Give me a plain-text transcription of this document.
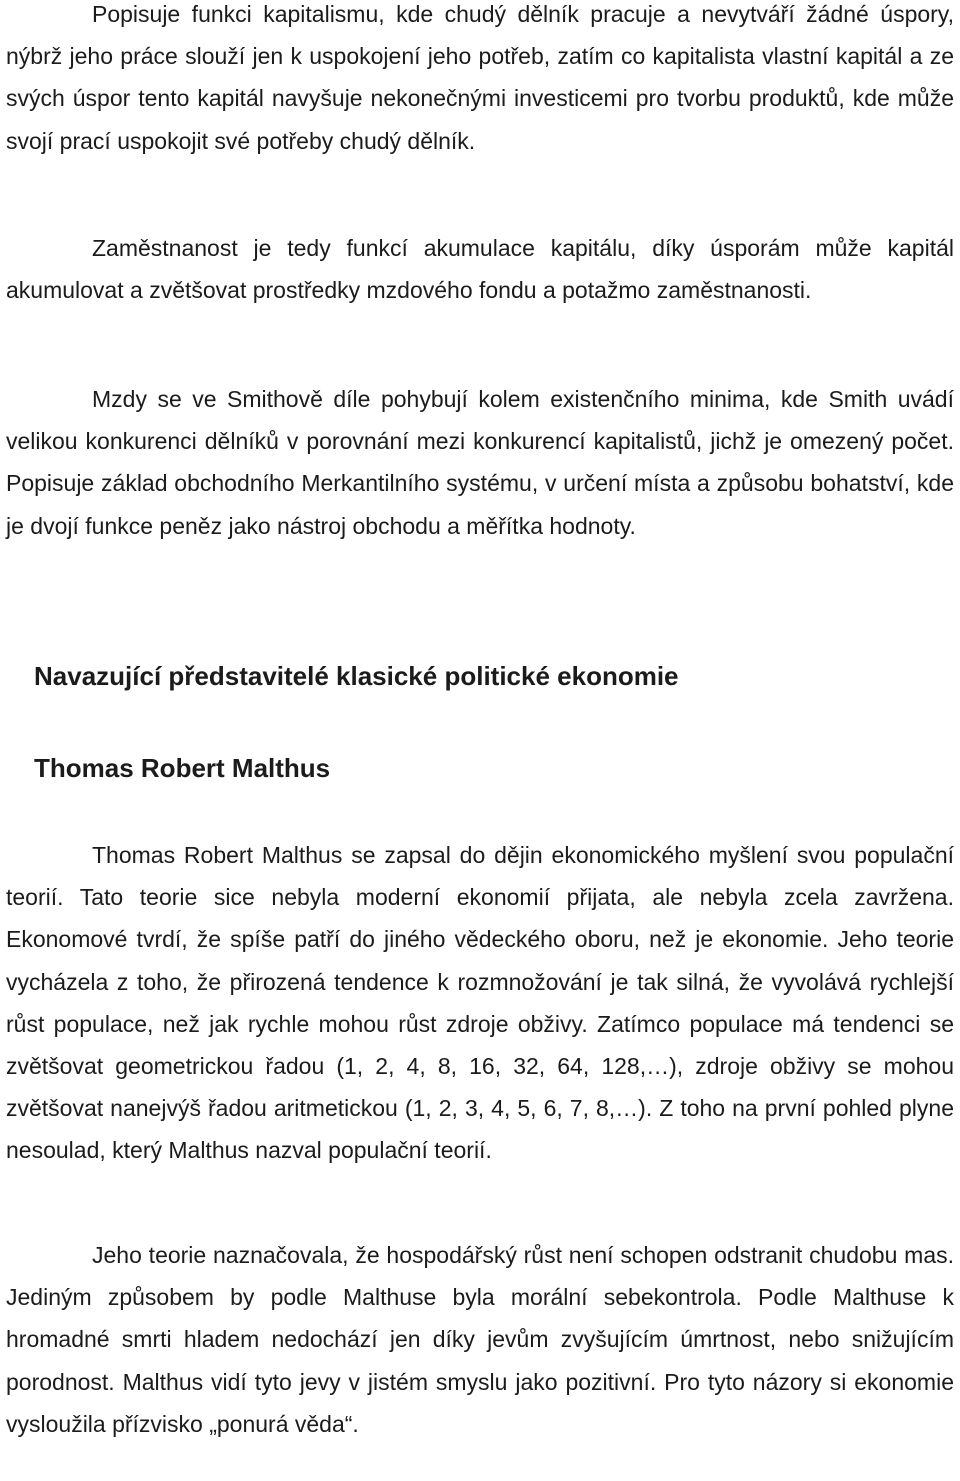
Popisuje funkci kapitalismu, kde chudý dělník pracuje a nevytváří žádné úspory, nýbrž jeho práce slouží jen k uspokojení jeho potřeb, zatím co kapitalista vlastní kapitál a ze svých úspor tento kapitál navyšuje nekonečnými investicemi pro tvorbu produktů, kde může svojí prací uspokojit své potřeby chudý dělník.

Zaměstnanost je tedy funkcí akumulace kapitálu, díky úsporám může kapitál akumulovat a zvětšovat prostředky mzdového fondu a potažmo zaměstnanosti.

Mzdy se ve Smithově díle pohybují kolem existenčního minima, kde Smith uvádí velikou konkurenci dělníků v porovnání mezi konkurencí kapitalistů, jichž je omezený počet. Popisuje základ obchodního Merkantilního systému, v určení místa a způsobu bohatství, kde je dvojí funkce peněz jako nástroj obchodu a měřítka hodnoty.

Navazující představitelé klasické politické ekonomie
Thomas Robert Malthus

Thomas Robert Malthus se zapsal do dějin ekonomického myšlení svou populační teorií. Tato teorie sice nebyla moderní ekonomií přijata, ale nebyla zcela zavržena. Ekonomové tvrdí, že spíše patří do jiného vědeckého oboru, než je ekonomie. Jeho teorie vycházela z toho, že přirozená tendence k rozmnožování je tak silná, že vyvolává rychlejší růst populace, než jak rychle mohou růst zdroje obživy. Zatímco populace má tendenci se zvětšovat geometrickou řadou (1, 2, 4, 8, 16, 32, 64, 128,…), zdroje obživy se mohou zvětšovat nanejvýš řadou aritmetickou (1, 2, 3, 4, 5, 6, 7, 8,…). Z toho na první pohled plyne nesoulad, který Malthus nazval populační teorií.

Jeho teorie naznačovala, že hospodářský růst není schopen odstranit chudobu mas. Jediným způsobem by podle Malthuse byla morální sebekontrola. Podle Malthuse k hromadné smrti hladem nedochází jen díky jevům zvyšujícím úmrtnost, nebo snižujícím porodnost. Malthus vidí tyto jevy v jistém smyslu jako pozitivní. Pro tyto názory si ekonomie vysloužila přízvisko „ponurá věda“.
